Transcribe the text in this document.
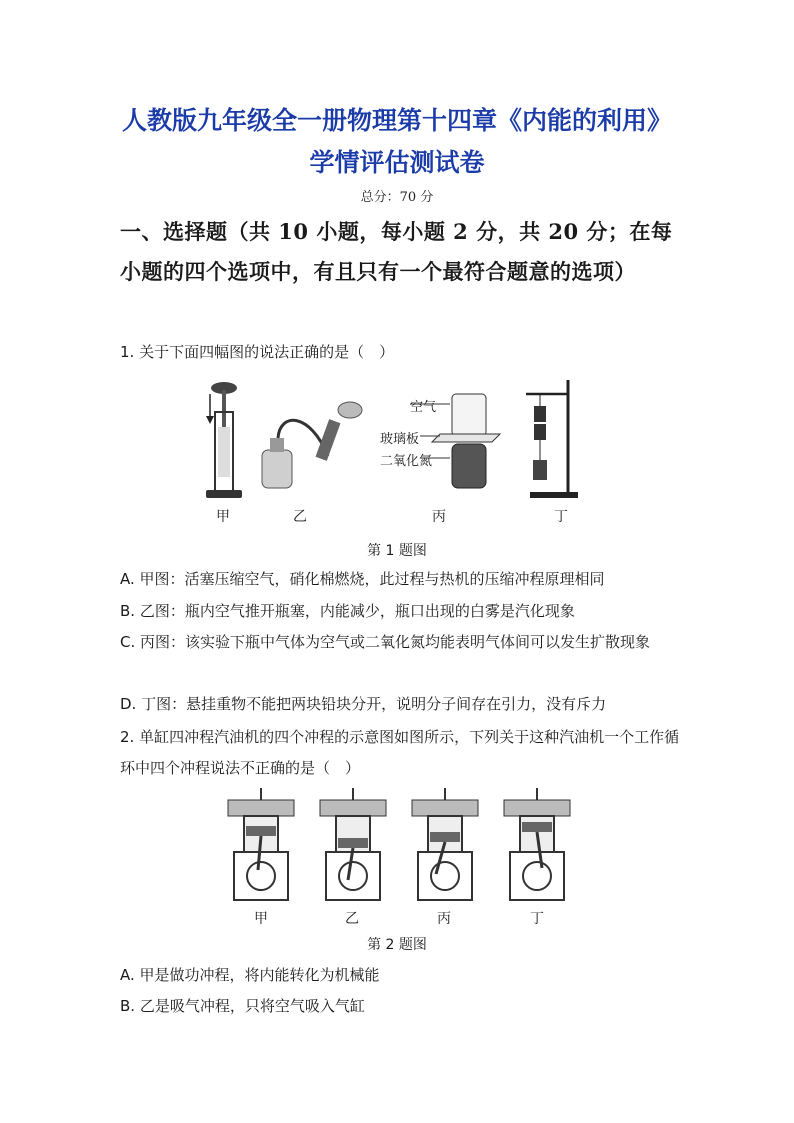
人教版九年级全一册物理第十四章《内能的利用》学情评估测试卷
总分：70 分
一、选择题（共 10 小题，每小题 2 分，共 20 分；在每小题的四个选项中，有且只有一个最符合题意的选项）
1. 关于下面四幅图的说法正确的是（　）
空气
玻璃板
二氧化氮
甲	乙	丙	丁
第 1 题图
A. 甲图：活塞压缩空气，硝化棉燃烧，此过程与热机的压缩冲程原理相同
B. 乙图：瓶内空气推开瓶塞，内能减少，瓶口出现的白雾是汽化现象
C. 丙图：该实验下瓶中气体为空气或二氧化氮均能表明气体间可以发生扩散现象
D. 丁图：悬挂重物不能把两块铅块分开，说明分子间存在引力，没有斥力
2. 单缸四冲程汽油机的四个冲程的示意图如图所示，下列关于这种汽油机一个工作循环中四个冲程说法不正确的是（　）
甲	乙	丙	丁
第 2 题图
A. 甲是做功冲程，将内能转化为机械能
B. 乙是吸气冲程，只将空气吸入气缸
